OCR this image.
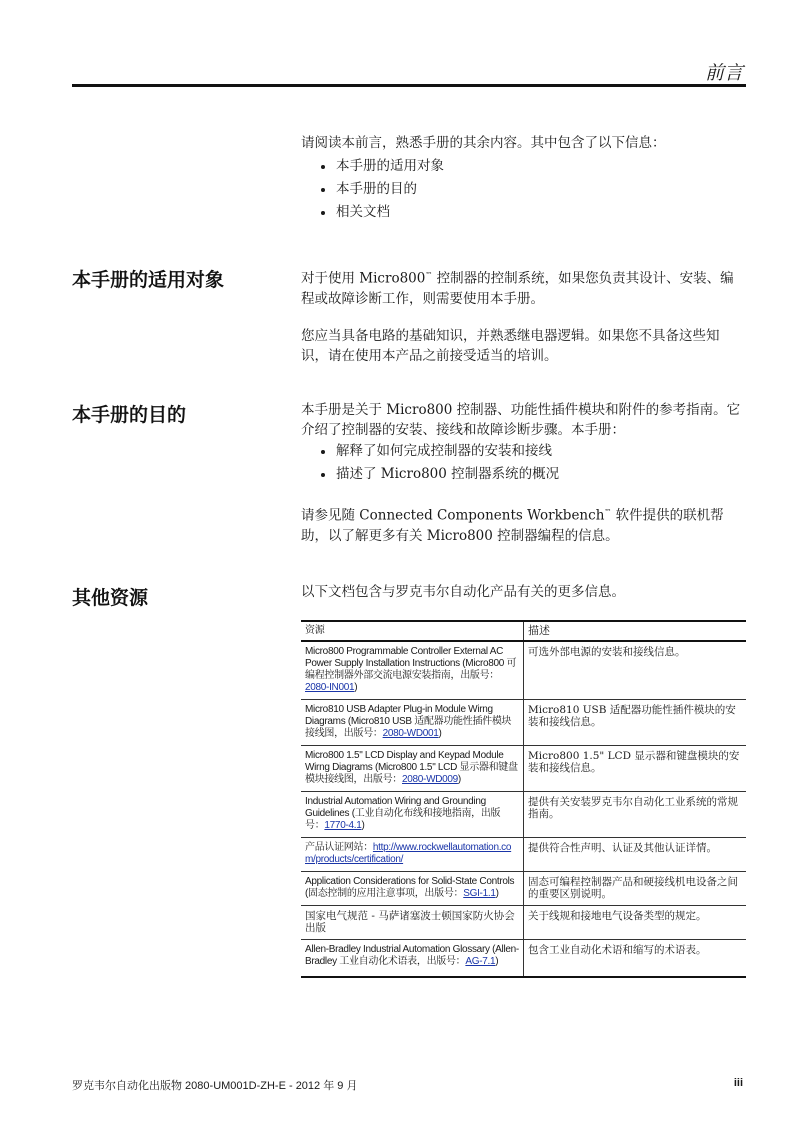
前言

请阅读本前言，熟悉手册的其余内容。其中包含了以下信息：

本手册的适用对象
本手册的目的
相关文档
本手册的适用对象	对于使用 Micro800™ 控制器的控制系统，如果您负责其设计、安装、编程或故障诊断工作，则需要使用本手册。

您应当具备电路的基础知识，并熟悉继电器逻辑。如果您不具备这些知识，请在使用本产品之前接受适当的培训。

本手册的目的	本手册是关于 Micro800 控制器、功能性插件模块和附件的参考指南。它介绍了控制器的安装、接线和故障诊断步骤。本手册：

解释了如何完成控制器的安装和接线
描述了 Micro800 控制器系统的概况

请参见随 Connected Components Workbench™ 软件提供的联机帮助，以了解更多有关 Micro800 控制器编程的信息。

其他资源	以下文档包含与罗克韦尔自动化产品有关的更多信息。
资源	描述
Micro800 Programmable Controller External AC Power Supply Installation Instructions (Micro800 可编程控制器外部交流电源安装指南，出版号：2080-IN001)	可选外部电源的安装和接线信息。
Micro810 USB Adapter Plug-in Module Wirng Diagrams (Micro810 USB 适配器功能性插件模块接线图，出版号：2080-WD001)	Micro810 USB 适配器功能性插件模块的安装和接线信息。
Micro800 1.5" LCD Display and Keypad Module Wirng Diagrams (Micro800 1.5" LCD 显示器和键盘模块接线图，出版号：2080-WD009)	Micro800 1.5" LCD 显示器和键盘模块的安装和接线信息。
Industrial Automation Wiring and Grounding Guidelines (工业自动化布线和接地指南，出版号：1770-4.1)	提供有关安装罗克韦尔自动化工业系统的常规指南。
产品认证网站：http://www.rockwellautomation.com/products/certification/	提供符合性声明、认证及其他认证详情。
Application Considerations for Solid-State Controls (固态控制的应用注意事项，出版号：SGI-1.1)	固态可编程控制器产品和硬接线机电设备之间的重要区别说明。
国家电气规范 - 马萨诸塞波士顿国家防火协会出版	关于线规和接地电气设备类型的规定。
Allen-Bradley Industrial Automation Glossary (Allen-Bradley 工业自动化术语表，出版号：AG-7.1)	包含工业自动化术语和缩写的术语表。
罗克韦尔自动化出版物 2080-UM001D-ZH-E - 2012 年 9 月	iii
